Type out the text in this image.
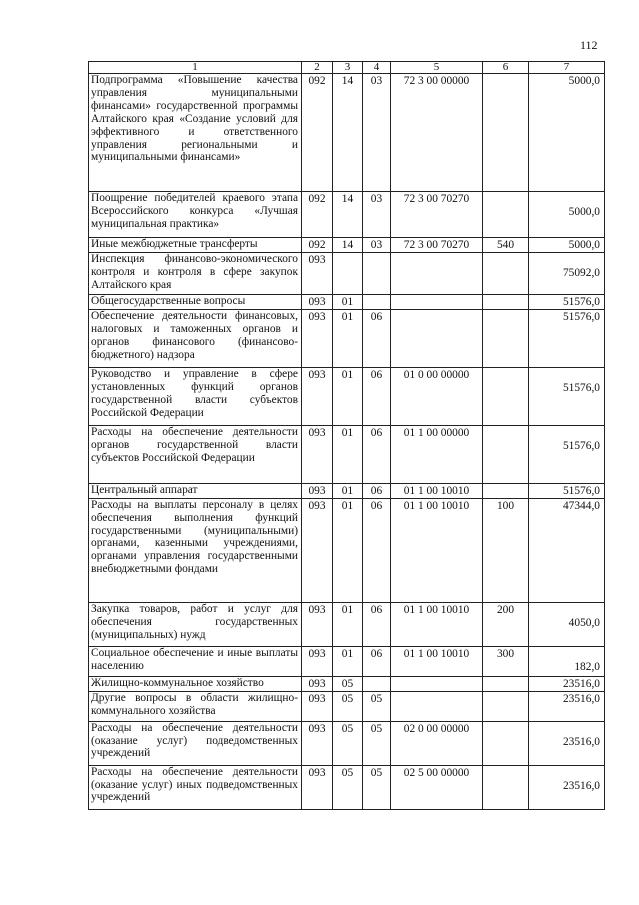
112
1	2	3	4	5	6	7
Подпрограмма «Повышение качества управления муниципальными финансами» государственной программы Алтайского края «Создание условий для эффективного и ответственного управления региональными и муниципальными финансами»	092	14	03	72 3 00 00000		5000,0
Поощрение победителей краевого этапа Всероссийского конкурса «Лучшая муниципальная практика»	092	14	03	72 3 00 70270		5000,0
Иные межбюджетные трансферты	092	14	03	72 3 00 70270	540	5000,0
Инспекция финансово-экономического контроля и контроля в сфере закупок Алтайского края	093					75092,0
Общегосударственные вопросы	093	01				51576,0
Обеспечение деятельности финансовых, налоговых и таможенных органов и органов финансового (финансово-бюджетного) надзора	093	01	06			51576,0
Руководство и управление в сфере установленных функций органов государственной власти субъектов Российской Федерации	093	01	06	01 0 00 00000		51576,0
Расходы на обеспечение деятельности органов государственной власти субъектов Российской Федерации	093	01	06	01 1 00 00000		51576,0
Центральный аппарат	093	01	06	01 1 00 10010		51576,0
Расходы на выплаты персоналу в целях обеспечения выполнения функций государственными (муниципальными) органами, казенными учреждениями, органами управления государственными внебюджетными фондами	093	01	06	01 1 00 10010	100	47344,0
Закупка товаров, работ и услуг для обеспечения государственных (муниципальных) нужд	093	01	06	01 1 00 10010	200	4050,0
Социальное обеспечение и иные выплаты населению	093	01	06	01 1 00 10010	300	182,0
Жилищно-коммунальное хозяйство	093	05				23516,0
Другие вопросы в области жилищно-коммунального хозяйства	093	05	05			23516,0
Расходы на обеспечение деятельности (оказание услуг) подведомственных учреждений	093	05	05	02 0 00 00000		23516,0
Расходы на обеспечение деятельности (оказание услуг) иных подведомственных учреждений	093	05	05	02 5 00 00000		23516,0
